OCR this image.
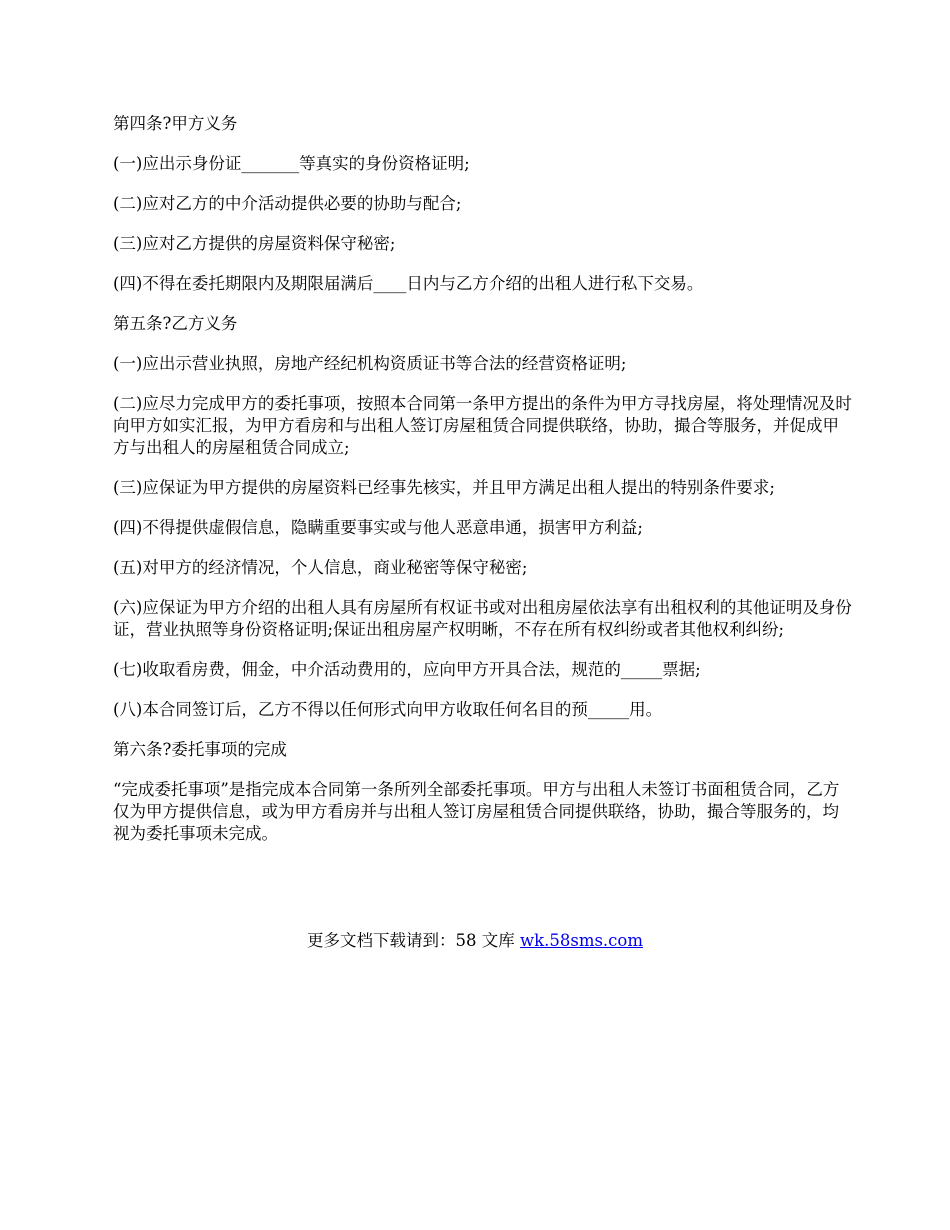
第四条?甲方义务

(一)应出示身份证_______等真实的身份资格证明;

(二)应对乙方的中介活动提供必要的协助与配合;

(三)应对乙方提供的房屋资料保守秘密;

(四)不得在委托期限内及期限届满后____日内与乙方介绍的出租人进行私下交易。

第五条?乙方义务

(一)应出示营业执照，房地产经纪机构资质证书等合法的经营资格证明;

(二)应尽力完成甲方的委托事项，按照本合同第一条甲方提出的条件为甲方寻找房屋，将处理情况及时向甲方如实汇报，为甲方看房和与出租人签订房屋租赁合同提供联络，协助，撮合等服务，并促成甲方与出租人的房屋租赁合同成立;

(三)应保证为甲方提供的房屋资料已经事先核实，并且甲方满足出租人提出的特别条件要求;

(四)不得提供虚假信息，隐瞒重要事实或与他人恶意串通，损害甲方利益;

(五)对甲方的经济情况，个人信息，商业秘密等保守秘密;

(六)应保证为甲方介绍的出租人具有房屋所有权证书或对出租房屋依法享有出租权利的其他证明及身份证，营业执照等身份资格证明;保证出租房屋产权明晰，不存在所有权纠纷或者其他权利纠纷;

(七)收取看房费，佣金，中介活动费用的，应向甲方开具合法，规范的_____票据;

(八)本合同签订后，乙方不得以任何形式向甲方收取任何名目的预_____用。

第六条?委托事项的完成

“完成委托事项”是指完成本合同第一条所列全部委托事项。甲方与出租人未签订书面租赁合同，乙方仅为甲方提供信息，或为甲方看房并与出租人签订房屋租赁合同提供联络，协助，撮合等服务的，均视为委托事项未完成。

更多文档下载请到：58 文库 wk.58sms.com
